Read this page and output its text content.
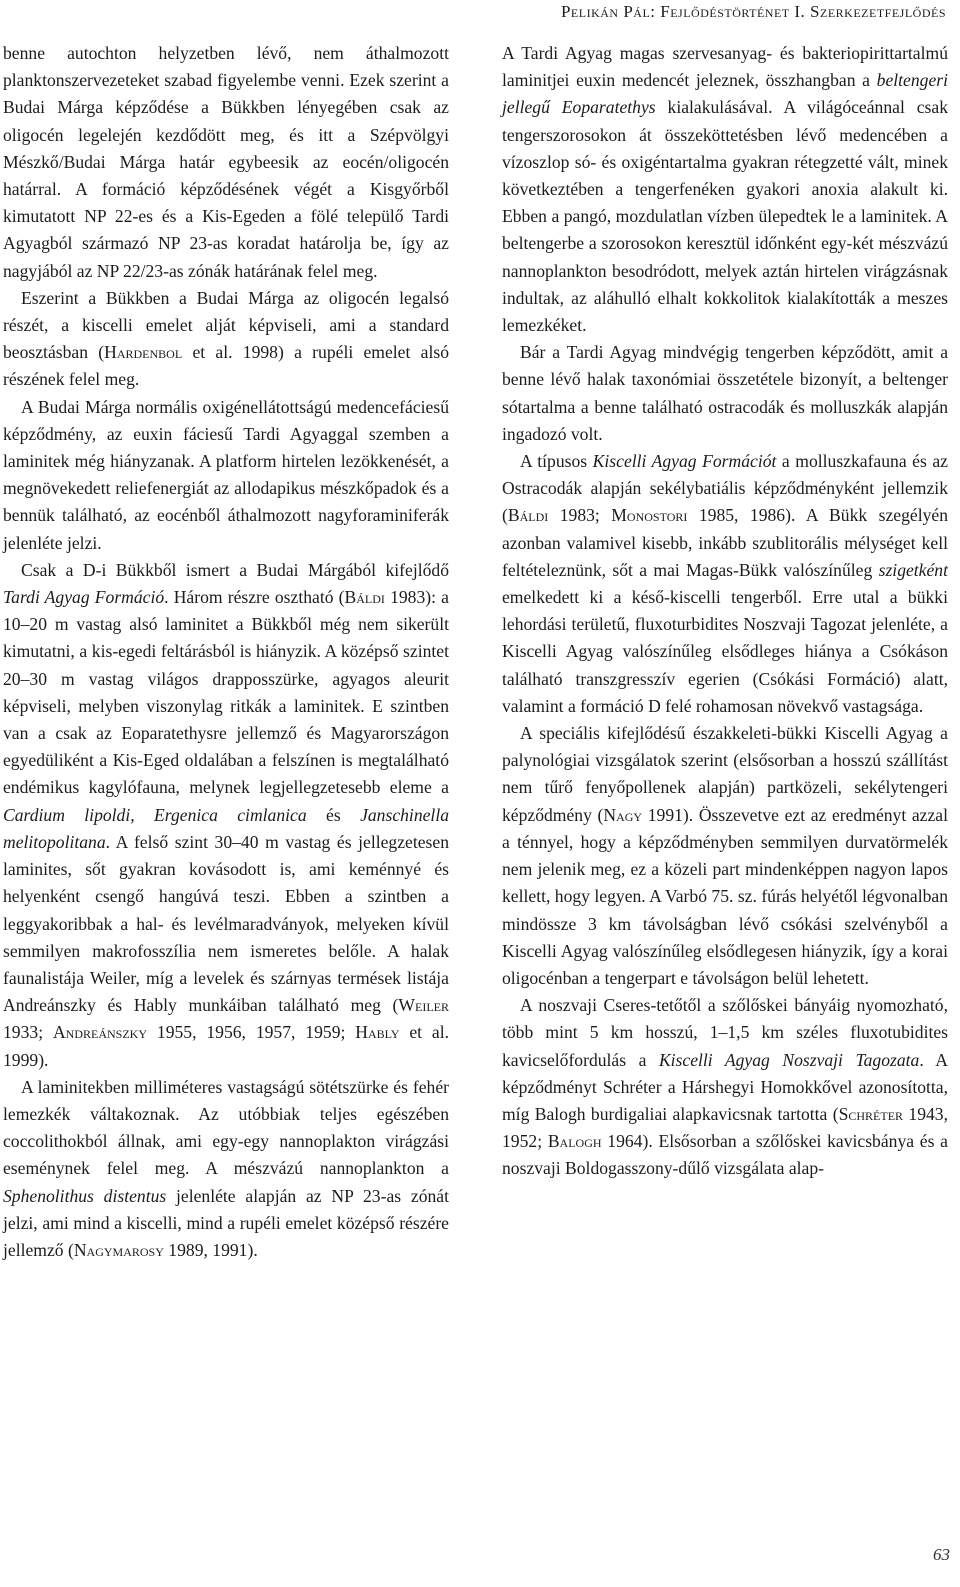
Pelikán Pál: Fejlődéstörténet I. Szerkezetfejlődés

benne autochton helyzetben lévő, nem áthalmozott planktonszervezeteket szabad figyelembe venni. Ezek szerint a Budai Márga képződése a Bükkben lényegében csak az oligocén legelején kezdődött meg, és itt a Szépvölgyi Mészkő/Budai Márga határ egybeesik az eocén/oligocén határral. A formáció képződésének végét a Kisgyőrből kimutatott NP 22-es és a Kis-Egeden a fölé települő Tardi Agyagból származó NP 23-as koradat határolja be, így az nagyjából az NP 22/23-as zónák határának felel meg.

Eszerint a Bükkben a Budai Márga az oligocén legalsó részét, a kiscelli emelet alját képviseli, ami a standard beosztásban (Hardenbol et al. 1998) a rupéli emelet alsó részének felel meg.

A Budai Márga normális oxigénellátottságú medencefáciesű képződmény, az euxin fáciesű Tardi Agyaggal szemben a laminitek még hiányzanak. A platform hirtelen lezökkenését, a megnövekedett reliefenergiát az allodapikus mészkőpadok és a bennük található, az eocénből áthalmozott nagyforaminiferák jelenléte jelzi.

Csak a D-i Bükkből ismert a Budai Márgából kifejlődő Tardi Agyag Formáció. Három részre osztható (Báldi 1983): a 10–20 m vastag alsó laminitet a Bükkből még nem sikerült kimutatni, a kis-egedi feltárásból is hiányzik. A középső szintet 20–30 m vastag világos drapposszürke, agyagos aleurit képviseli, melyben viszonylag ritkák a laminitek. E szintben van a csak az Eoparatethysre jellemző és Magyarországon egyedüliként a Kis-Eged oldalában a felszínen is megtalálható endémikus kagylófauna, melynek legjellegzetesebb eleme a Cardium lipoldi, Ergenica cimlanica és Janschinella melitopolitana. A felső szint 30–40 m vastag és jellegzetesen laminites, sőt gyakran kovásodott is, ami keménnyé és helyenként csengő hangúvá teszi. Ebben a szintben a leggyakoribbak a hal- és levélmaradványok, melyeken kívül semmilyen makrofosszília nem ismeretes belőle. A halak faunalistája Weiler, míg a levelek és szárnyas termések listája Andreánszky és Hably munkáiban található meg (Weiler 1933; Andreánszky 1955, 1956, 1957, 1959; Hably et al. 1999).

A laminitekben milliméteres vastagságú sötétszürke és fehér lemezkék váltakoznak. Az utóbbiak teljes egészében coccolithokból állnak, ami egy-egy nannoplakton virágzási eseménynek felel meg. A mészvázú nannoplankton a Sphenolithus distentus jelenléte alapján az NP 23-as zónát jelzi, ami mind a kiscelli, mind a rupéli emelet középső részére jellemző (Nagymarosy 1989, 1991).

A Tardi Agyag magas szervesanyag- és bakteriopirittartalmú laminitjei euxin medencét jeleznek, összhangban a beltengeri jellegű Eoparatethys kialakulásával. A világóceánnal csak tengerszorosokon át összeköttetésben lévő medencében a vízoszlop só- és oxigéntartalma gyakran rétegzetté vált, minek következtében a tengerfenéken gyakori anoxia alakult ki. Ebben a pangó, mozdulatlan vízben ülepedtek le a laminitek. A beltengerbe a szorosokon keresztül időnként egy-két mészvázú nannoplankton besodródott, melyek aztán hirtelen virágzásnak indultak, az aláhulló elhalt kokkolitok kialakították a meszes lemezkéket.

Bár a Tardi Agyag mindvégig tengerben képződött, amit a benne lévő halak taxonómiai összetétele bizonyít, a beltenger sótartalma a benne található ostracodák és molluszkák alapján ingadozó volt.

A típusos Kiscelli Agyag Formációt a molluszkafauna és az Ostracodák alapján sekélybatiális képződményként jellemzik (Báldi 1983; Monostori 1985, 1986). A Bükk szegélyén azonban valamivel kisebb, inkább szublitorális mélységet kell feltételeznünk, sőt a mai Magas-Bükk valószínűleg szigetként emelkedett ki a késő-kiscelli tengerből. Erre utal a bükki lehordási területű, fluxoturbidites Noszvaji Tagozat jelenléte, a Kiscelli Agyag valószínűleg elsődleges hiánya a Csókáson található transzgresszív egerien (Csókási Formáció) alatt, valamint a formáció D felé rohamosan növekvő vastagsága.

A speciális kifejlődésű északkeleti-bükki Kiscelli Agyag a palynológiai vizsgálatok szerint (elsősorban a hosszú szállítást nem tűrő fenyőpollenek alapján) partközeli, sekélytengeri képződmény (Nagy 1991). Összevetve ezt az eredményt azzal a ténnyel, hogy a képződményben semmilyen durvatörmelék nem jelenik meg, ez a közeli part mindenképpen nagyon lapos kellett, hogy legyen. A Varbó 75. sz. fúrás helyétől légvonalban mindössze 3 km távolságban lévő csókási szelvényből a Kiscelli Agyag valószínűleg elsődlegesen hiányzik, így a korai oligocénban a tengerpart e távolságon belül lehetett.

A noszvaji Cseres-tetőtől a szőlőskei bányáig nyomozható, több mint 5 km hosszú, 1–1,5 km széles fluxotubidites kavicselőfordulás a Kiscelli Agyag Noszvaji Tagozata. A képződményt Schréter a Hárshegyi Homokkővel azonosította, míg Balogh burdigaliai alapkavicsnak tartotta (Schréter 1943, 1952; Balogh 1964). Elsősorban a szőlőskei kavicsbánya és a noszvaji Boldogasszony-dűlő vizsgálata alap-

63
